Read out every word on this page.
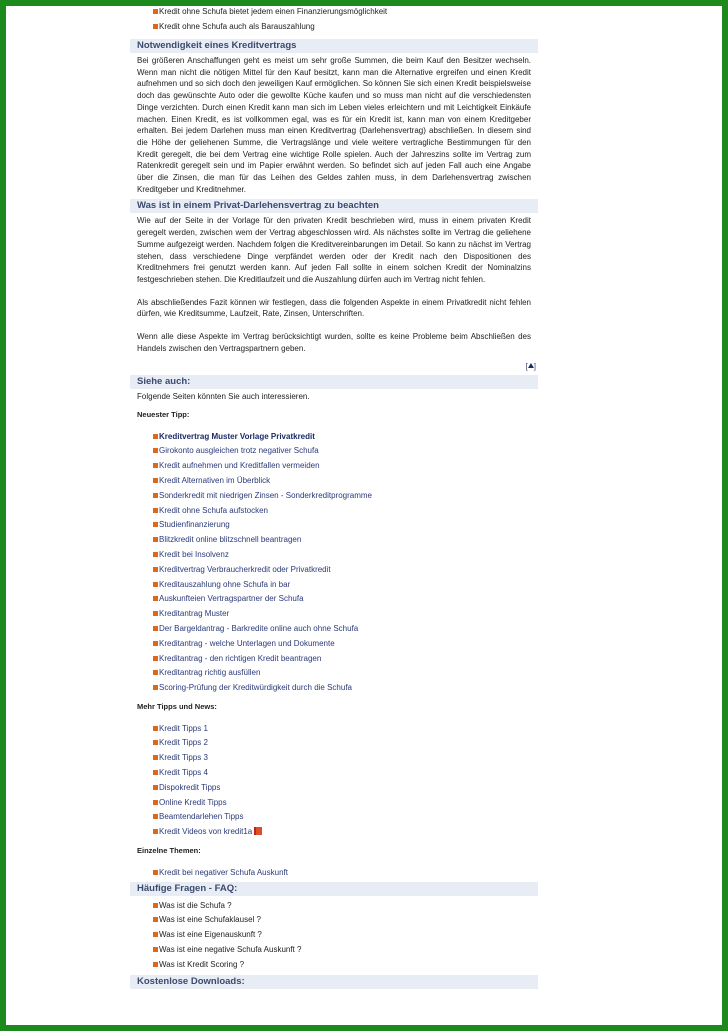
Kredit ohne Schufa bietet jedem einen Finanzierungsmöglichkeit
Kredit ohne Schufa auch als Barauszahlung
Notwendigkeit eines Kreditvertrags

Bei größeren Anschaffungen geht es meist um sehr große Summen, die beim Kauf den Besitzer wechseln. Wenn man nicht die nötigen Mittel für den Kauf besitzt, kann man die Alternative ergreifen und einen Kredit aufnehmen und so sich doch den jeweiligen Kauf ermöglichen. So können Sie sich einen Kredit beispielsweise doch das gewünschte Auto oder die gewollte Küche kaufen und so muss man nicht auf die verschiedensten Dinge verzichten. Durch einen Kredit kann man sich im Leben vieles erleichtern und mit Leichtigkeit Einkäufe machen. Einen Kredit, es ist vollkommen egal, was es für ein Kredit ist, kann man von einem Kreditgeber erhalten. Bei jedem Darlehen muss man einen Kreditvertrag (Darlehensvertrag) abschließen. In diesem sind die Höhe der geliehenen Summe, die Vertragslänge und viele weitere vertragliche Bestimmungen für den Kredit geregelt, die bei dem Vertrag eine wichtige Rolle spielen. Auch der Jahreszins sollte im Vertrag zum Ratenkredit geregelt sein und im Papier erwähnt werden. So befindet sich auf jeden Fall auch eine Angabe über die Zinsen, die man für das Leihen des Geldes zahlen muss, in dem Darlehensvertrag zwischen Kreditgeber und Kreditnehmer.

Was ist in einem Privat-Darlehensvertrag zu beachten

Wie auf der Seite in der Vorlage für den privaten Kredit beschrieben wird, muss in einem privaten Kredit geregelt werden, zwischen wem der Vertrag abgeschlossen wird. Als nächstes sollte im Vertrag die geliehene Summe aufgezeigt werden. Nachdem folgen die Kreditvereinbarungen im Detail. So kann zu nächst im Vertrag stehen, dass verschiedene Dinge verpfändet werden oder der Kredit nach den Dispositionen des Kreditnehmers frei genutzt werden kann. Auf jeden Fall sollte in einem solchen Kredit der Nominalzins festgeschrieben stehen. Die Kreditlaufzeit und die Auszahlung dürfen auch im Vertrag nicht fehlen.

Als abschließendes Fazit können wir festlegen, dass die folgenden Aspekte in einem Privatkredit nicht fehlen dürfen, wie Kreditsumme, Laufzeit, Rate, Zinsen, Unterschriften.

Wenn alle diese Aspekte im Vertrag berücksichtigt wurden, sollte es keine Probleme beim Abschließen des Handels zwischen den Vertragspartnern geben.

[ ]
Siehe auch:

Folgende Seiten könnten Sie auch interessieren.

Neuester Tipp:
Kreditvertrag Muster Vorlage Privatkredit
Girokonto ausgleichen trotz negativer Schufa
Kredit aufnehmen und Kreditfallen vermeiden
Kredit Alternativen im Überblick
Sonderkredit mit niedrigen Zinsen - Sonderkreditprogramme
Kredit ohne Schufa aufstocken
Studienfinanzierung
Blitzkredit online blitzschnell beantragen
Kredit bei Insolvenz
Kreditvertrag Verbraucherkredit oder Privatkredit
Kreditauszahlung ohne Schufa in bar
Auskunfteien Vertragspartner der Schufa
Kreditantrag Muster
Der Bargeldantrag - Barkredite online auch ohne Schufa
Kreditantrag - welche Unterlagen und Dokumente
Kreditantrag - den richtigen Kredit beantragen
Kreditantrag richtig ausfüllen
Scoring-Prüfung der Kreditwürdigkeit durch die Schufa
Mehr Tipps und News:
Kredit Tipps 1
Kredit Tipps 2
Kredit Tipps 3
Kredit Tipps 4
Dispokredit Tipps
Online Kredit Tipps
Beamtendarlehen Tipps
Kredit Videos von kredit1a
Einzelne Themen:
Kredit bei negativer Schufa Auskunft
Häufige Fragen - FAQ:
Was ist die Schufa ?
Was ist eine Schufaklausel ?
Was ist eine Eigenauskunft ?
Was ist eine negative Schufa Auskunft ?
Was ist Kredit Scoring ?
Kostenlose Downloads:
